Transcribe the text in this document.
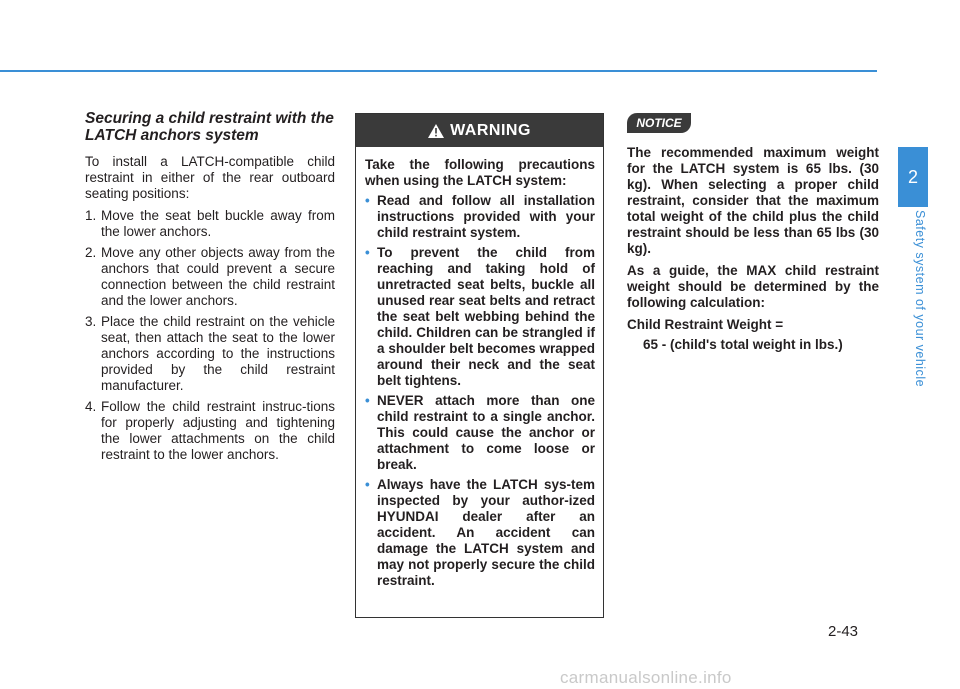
Securing a child restraint with the LATCH anchors system

To install a LATCH-compatible child restraint in either of the rear outboard seating positions:

1. Move the seat belt buckle away from the lower anchors.
2. Move any other objects away from the anchors that could prevent a secure connection between the child restraint and the lower anchors.
3. Place the child restraint on the vehicle seat, then attach the seat to the lower anchors according to the instructions provided by the child restraint manufacturer.
4. Follow the child restraint instruc-tions for properly adjusting and tightening the lower attachments on the child restraint to the lower anchors.
WARNING

Take the following precautions when using the LATCH system:

• Read and follow all installation instructions provided with your child restraint system.
• To prevent the child from reaching and taking hold of unretracted seat belts, buckle all unused rear seat belts and retract the seat belt webbing behind the child. Children can be strangled if a shoulder belt becomes wrapped around their neck and the seat belt tightens.
• NEVER attach more than one child restraint to a single anchor. This could cause the anchor or attachment to come loose or break.
• Always have the LATCH sys-tem inspected by your author-ized HYUNDAI dealer after an accident. An accident can damage the LATCH system and may not properly secure the child restraint.
NOTICE

The recommended maximum weight for the LATCH system is 65 lbs. (30 kg). When selecting a proper child restraint, consider that the maximum total weight of the child plus the child restraint should be less than 65 lbs (30 kg).

As a guide, the MAX child restraint weight should be determined by the following calculation:

Child Restraint Weight =
65 - (child's total weight in lbs.)
2
Safety system of your vehicle
2-43
carmanualsonline.info
